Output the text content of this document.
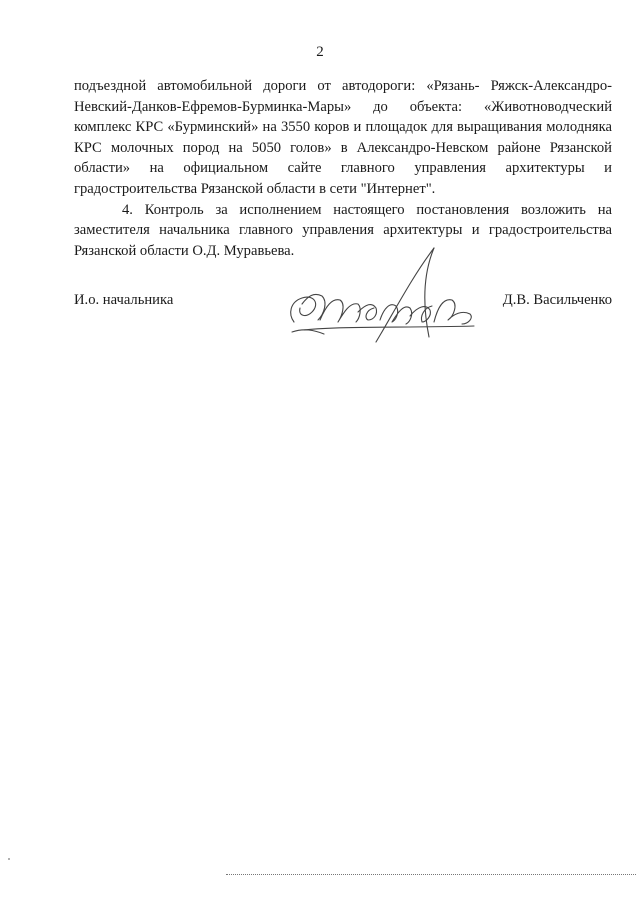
2

подъездной автомобильной дороги от автодороги: «Рязань- Ряжск-Александро-Невский-Данков-Ефремов-Бурминка-Мары» до объекта: «Животноводческий комплекс КРС «Бурминский» на 3550 коров и площадок для выращивания молодняка КРС молочных пород на 5050 голов» в Александро-Невском районе Рязанской области» на официальном сайте главного управления архитектуры и градостроительства Рязанской области в сети "Интернет".

4. Контроль за исполнением настоящего постановления возложить на заместителя начальника главного управления архитектуры и градостроительства Рязанской области О.Д. Муравьева.

И.о. начальника	Д.В. Васильченко
